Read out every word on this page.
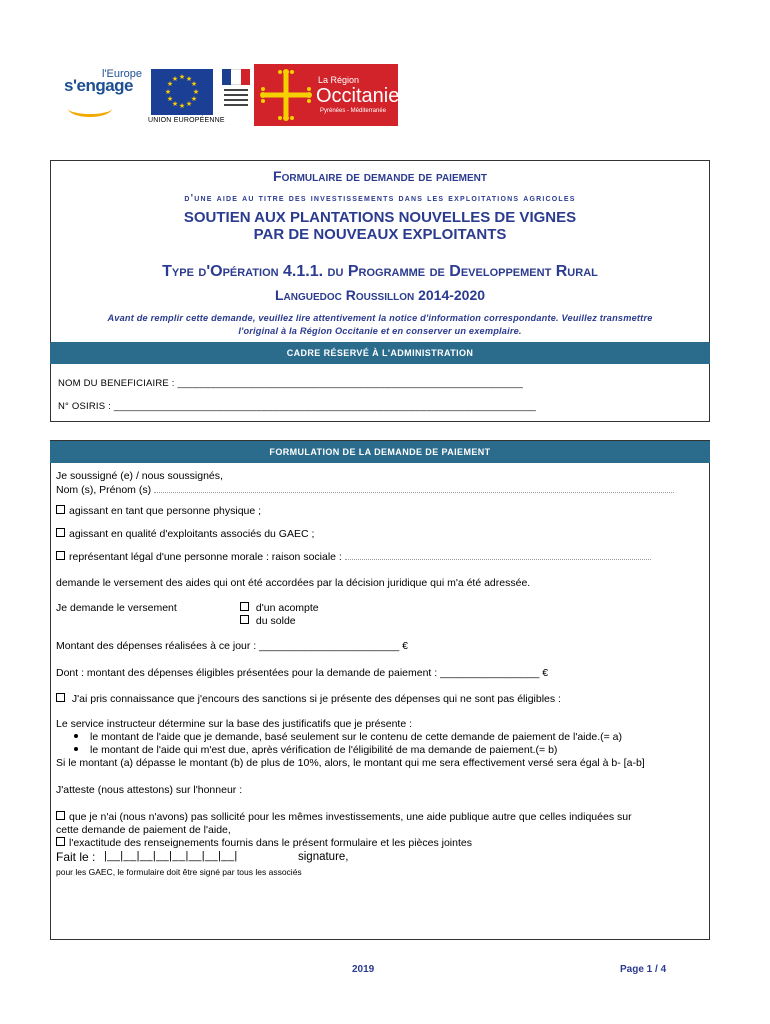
l'Europe
s'engage	★ ★
★
★
★
★
★
★
★
★
★
★
UNION EUROPÉENNE
La Région
Occitanie
Pyrénées - Méditerranée
Formulaire de demande de paiement
d'une aide au titre des investissements dans les exploitations agricoles
SOUTIEN AUX PLANTATIONS NOUVELLES DE VIGNES
PAR DE NOUVEAUX EXPLOITANTS
Type d'Opération 4.1.1. du Programme de Developpement Rural
Languedoc Roussillon 2014-2020
Avant de remplir cette demande, veuillez lire attentivement la notice d'information correspondante. Veuillez transmettre
l'original à la Région Occitanie et en conserver un exemplaire.
CADRE RÉSERVÉ À L'ADMINISTRATION
NOM DU BENEFICIAIRE : _______________________________________________________________
N° OSIRIS : _____________________________________________________________________________
FORMULATION DE LA DEMANDE DE PAIEMENT
Je soussigné (e) / nous soussignés,
Nom (s), Prénom (s)
agissant en tant que personne physique ;
agissant en qualité d'exploitants associés du GAEC ;
représentant légal d'une personne morale : raison sociale :
demande le versement des aides qui ont été accordées par la décision juridique qui m'a été adressée.
Je demande le versement	d'un acompte
du solde
Montant des dépenses réalisées à ce jour : ________________________ €
Dont : montant des dépenses éligibles présentées pour la demande de paiement : _________________ €
J'ai pris connaissance que j'encours des sanctions si je présente des dépenses qui ne sont pas éligibles :
Le service instructeur détermine sur la base des justificatifs que je présente :
le montant de l'aide que je demande, basé seulement sur le contenu de cette demande de paiement de l'aide.(= a)
le montant de l'aide qui m'est due, après vérification de l'éligibilité de ma demande de paiement.(= b)
Si le montant (a) dépasse le montant (b) de plus de 10%, alors, le montant qui me sera effectivement versé sera égal à b- [a-b]
J'atteste (nous attestons) sur l'honneur :
que je n'ai (nous n'avons) pas sollicité pour les mêmes investissements, une aide publique autre que celles indiquées sur
cette demande de paiement de l'aide,
l'exactitude des renseignements fournis dans le présent formulaire et les pièces jointes
Fait le : |__|__|__|__|__|__|__|__|	signature,
pour les GAEC, le formulaire doit être signé par tous les associés
2019	Page 1 / 4
